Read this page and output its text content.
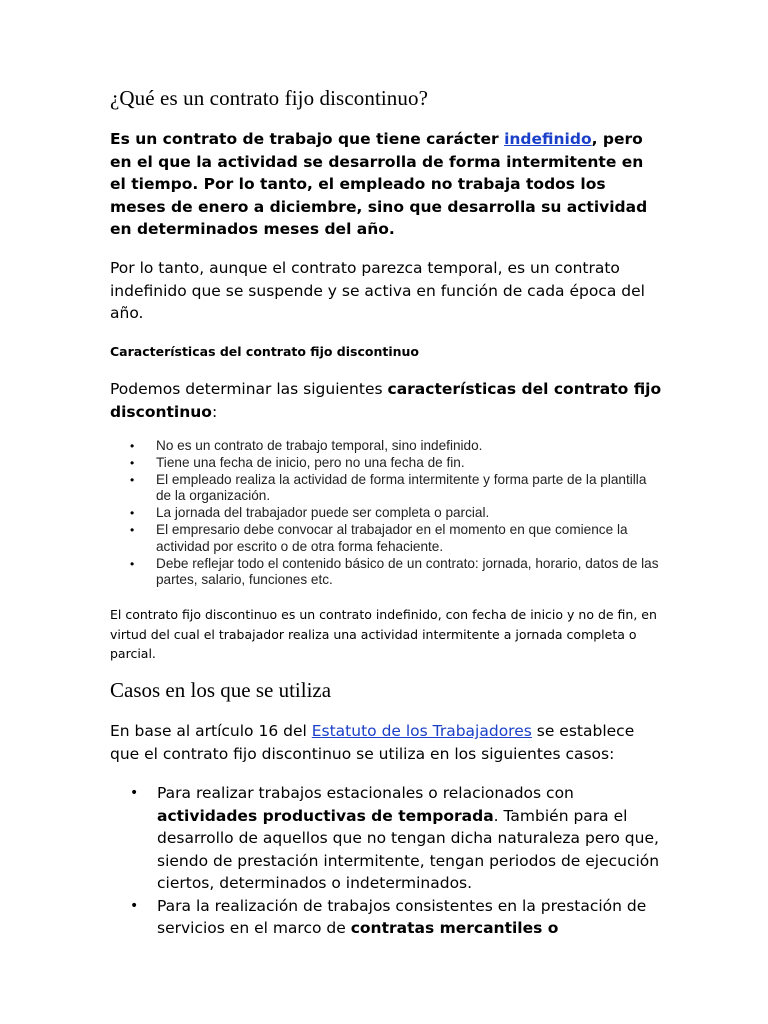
¿Qué es un contrato fijo discontinuo?

Es un contrato de trabajo que tiene carácter indefinido, pero en el que la actividad se desarrolla de forma intermitente en el tiempo. Por lo tanto, el empleado no trabaja todos los meses de enero a diciembre, sino que desarrolla su actividad en determinados meses del año.

Por lo tanto, aunque el contrato parezca temporal, es un contrato indefinido que se suspende y se activa en función de cada época del año.

Características del contrato fijo discontinuo

Podemos determinar las siguientes características del contrato fijo discontinuo:

• No es un contrato de trabajo temporal, sino indefinido.
• Tiene una fecha de inicio, pero no una fecha de fin.
• El empleado realiza la actividad de forma intermitente y forma parte de la plantilla de la organización.
• La jornada del trabajador puede ser completa o parcial.
• El empresario debe convocar al trabajador en el momento en que comience la actividad por escrito o de otra forma fehaciente.
• Debe reflejar todo el contenido básico de un contrato: jornada, horario, datos de las partes, salario, funciones etc.

El contrato fijo discontinuo es un contrato indefinido, con fecha de inicio y no de fin, en virtud del cual el trabajador realiza una actividad intermitente a jornada completa o parcial.

Casos en los que se utiliza

En base al artículo 16 del Estatuto de los Trabajadores se establece que el contrato fijo discontinuo se utiliza en los siguientes casos:

• Para realizar trabajos estacionales o relacionados con actividades productivas de temporada. También para el desarrollo de aquellos que no tengan dicha naturaleza pero que, siendo de prestación intermitente, tengan periodos de ejecución ciertos, determinados o indeterminados.
• Para la realización de trabajos consistentes en la prestación de servicios en el marco de contratas mercantiles o
